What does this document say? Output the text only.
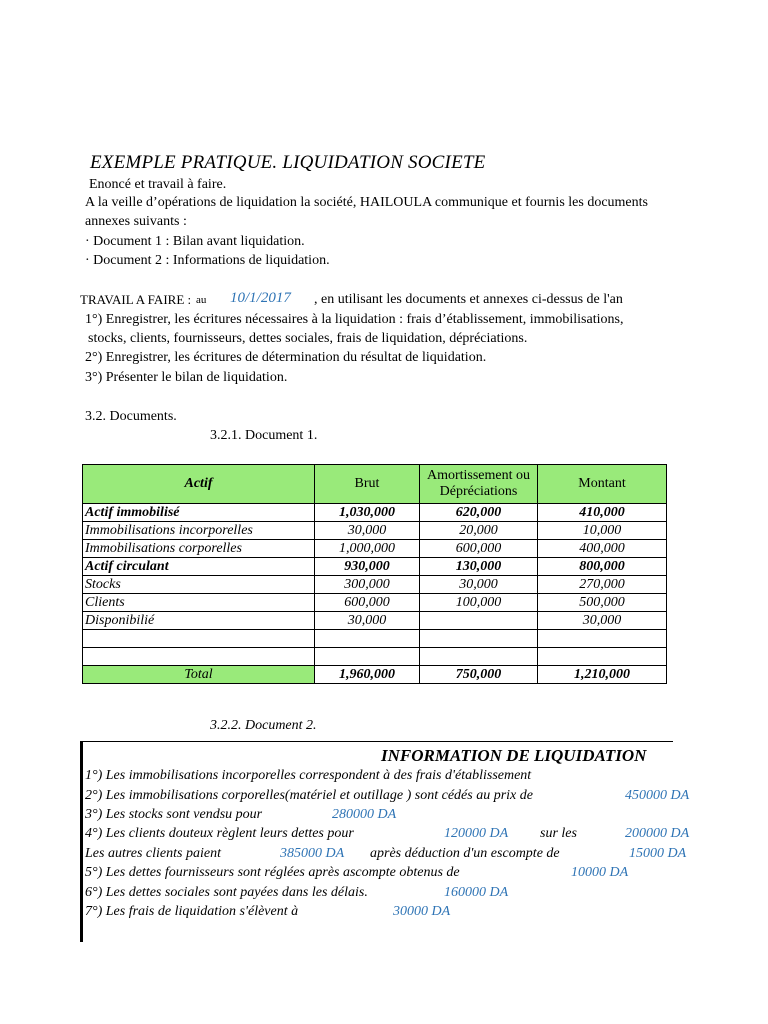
EXEMPLE PRATIQUE. LIQUIDATION SOCIETE
Enoncé et travail à faire.
A la veille d’opérations de liquidation la société, HAILOULA communique et fournis les documents
annexes suivants :
· Document 1 : Bilan avant liquidation.
· Document 2 : Informations de liquidation.
TRAVAIL A FAIRE : au 10/1/2017 , en utilisant les documents et annexes ci-dessus de l'an
1°) Enregistrer, les écritures nécessaires à la liquidation : frais d’établissement, immobilisations,
stocks, clients, fournisseurs, dettes sociales, frais de liquidation, dépréciations.
2°) Enregistrer, les écritures de détermination du résultat de liquidation.
3°) Présenter le bilan de liquidation.
3.2. Documents.
3.2.1. Document 1.
Actif	Brut	Amortissement ou Dépréciations	Montant
Actif immobilisé	1,030,000	620,000	410,000
Immobilisations incorporelles	30,000	20,000	10,000
Immobilisations corporelles	1,000,000	600,000	400,000
Actif circulant	930,000	130,000	800,000
Stocks	300,000	30,000	270,000
Clients	600,000	100,000	500,000
Disponibilié	30,000		30,000

Total	1,960,000	750,000	1,210,000
3.2.2. Document 2.
INFORMATION DE LIQUIDATION
1°) Les immobilisations incorporelles correspondent à des frais d'établissement
2°) Les immobilisations corporelles(matériel et outillage ) sont cédés au prix de	450000 DA
3°) Les stocks sont vendsu pour	280000 DA
4°) Les clients douteux règlent leurs dettes pour	120000 DA sur les	200000 DA
Les autres clients paient	385000 DA après déduction d'un escompte de	15000 DA
5°) Les dettes fournisseurs sont réglées après ascompte obtenus de	10000 DA
6°) Les dettes sociales sont payées dans les délais.	160000 DA
7°) Les frais de liquidation s'élèvent à	30000 DA
